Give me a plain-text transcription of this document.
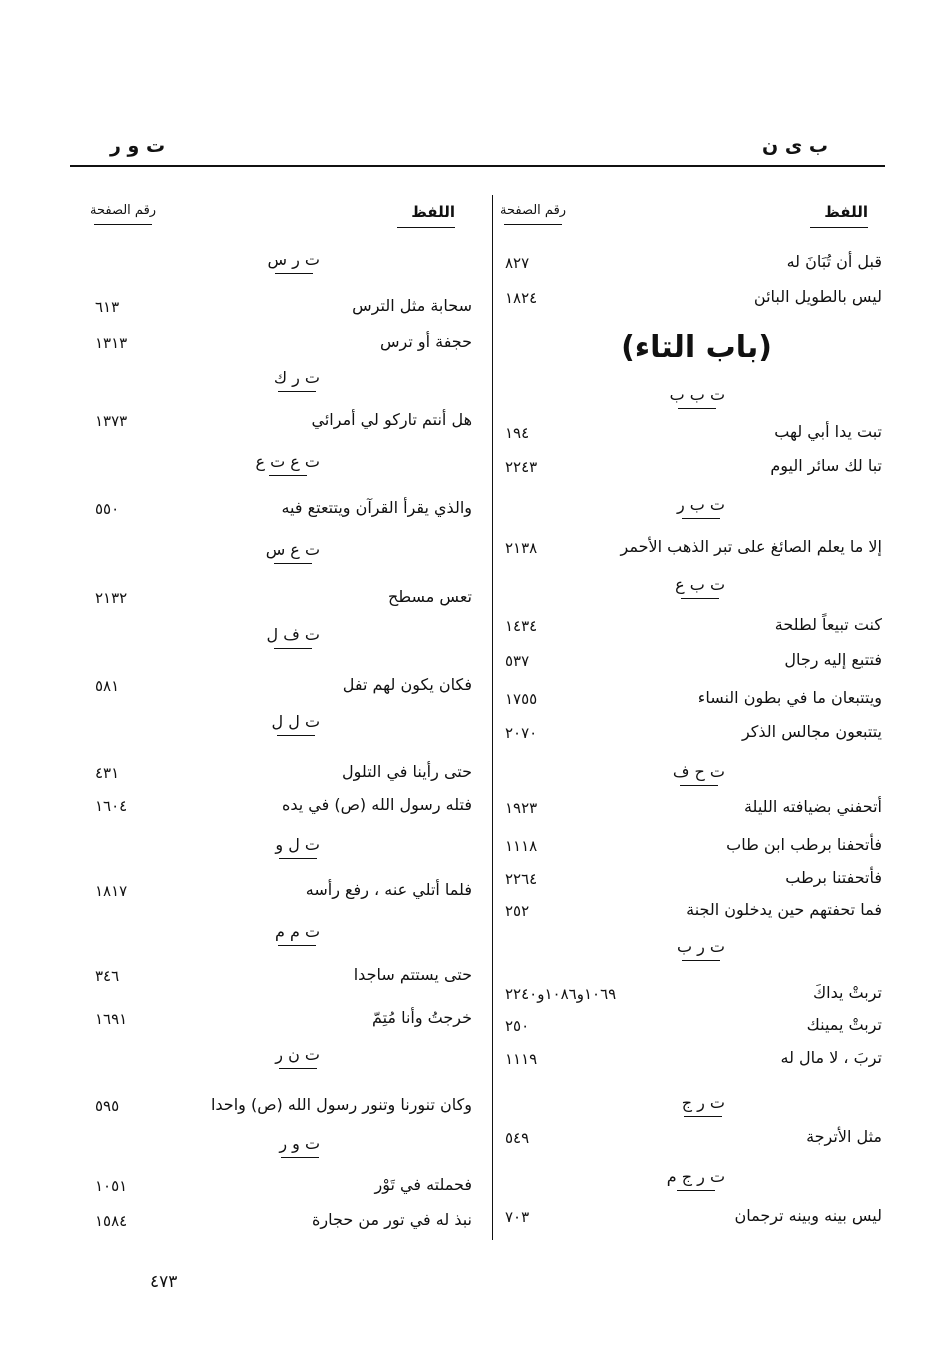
ب ى ن
ت و ر
اللفظ
رقم الصفحة
اللفظ
رقم الصفحة
قبل أن تُبَانَ له
٨٢٧
ليس بالطويل البائن
١٨٢٤
(باب التاء)
ت ب ب
تبت يدا أبي لهب
١٩٤
تبا لك سائر اليوم
٢٢٤٣
ت ب ر
إلا ما يعلم الصائغ على تبر الذهب الأحمر
٢١٣٨
ت ب ع
كنت تبيعاً لطلحة
١٤٣٤
فتتبع إليه رجال
٥٣٧
ويتتبعان ما في بطون النساء
١٧٥٥
يتتبعون مجالس الذكر
٢٠٧٠
ت ح ف
أتحفني بضيافته الليلة
١٩٢٣
فأتحفنا برطب ابن طاب
١١١٨
فأتحفتنا برطب
٢٢٦٤
فما تحفتهم حين يدخلون الجنة
٢٥٢
ت ر ب
تربتْ يداكَ
١٠٦٩و١٠٨٦و٢٢٤٠
تربتْ يمينك
٢٥٠
تربَ ، لا مال له
١١١٩
ت ر ج
مثل الأترجة
٥٤٩
ت ر ج م
ليس بينه وبينه ترجمان
٧٠٣
ت ر س
سحابة مثل الترس
٦١٣
حجفة أو ترس
١٣١٣
ت ر ك
هل أنتم تاركو لي أمرائي
١٣٧٣
ت ع ت ع
والذي يقرأ القرآن ويتتعتع فيه
٥٥٠
ت ع س
تعس مسطح
٢١٣٢
ت ف ل
فكان يكون لهم تفل
٥٨١
ت ل ل
حتى رأينا في التلول
٤٣١
فتله رسول الله (ص) في يده
١٦٠٤
ت ل و
فلما أتلي عنه ، رفع رأسه
١٨١٧
ت م م
حتى يستتم ساجدا
٣٤٦
خرجتُ وأنا مُتِمّ
١٦٩١
ت ن ر
وكان تنورنا وتنور رسول الله (ص) واحدا
٥٩٥
ت و ر
فحملته في تَوْر
١٠٥١
نبذ له في تور من حجارة
١٥٨٤
٤٧٣
